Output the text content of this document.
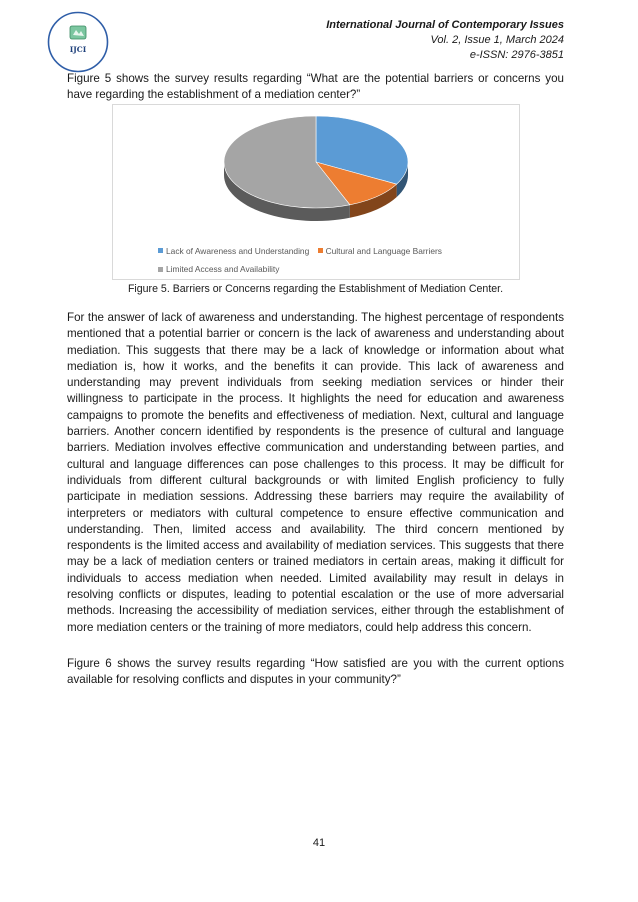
IJCI
International Journal of Contemporary Issues
Vol. 2, Issue 1, March 2024
e-ISSN: 2976-3851

Figure 5 shows the survey results regarding “What are the potential barriers or concerns you have regarding the establishment of a mediation center?”

Lack of Awareness and Understanding
Cultural and Language Barriers

Limited Access and Availability
Figure 5. Barriers or Concerns regarding the Establishment of Mediation Center.

For the answer of lack of awareness and understanding. The highest percentage of respondents mentioned that a potential barrier or concern is the lack of awareness and understanding about mediation. This suggests that there may be a lack of knowledge or information about what mediation is, how it works, and the benefits it can provide. This lack of awareness and understanding may prevent individuals from seeking mediation services or hinder their willingness to participate in the process. It highlights the need for education and awareness campaigns to promote the benefits and effectiveness of mediation. Next, cultural and language barriers. Another concern identified by respondents is the presence of cultural and language barriers. Mediation involves effective communication and understanding between parties, and cultural and language differences can pose challenges to this process. It may be difficult for individuals from different cultural backgrounds or with limited English proficiency to fully participate in mediation sessions. Addressing these barriers may require the availability of interpreters or mediators with cultural competence to ensure effective communication and understanding. Then, limited access and availability. The third concern mentioned by respondents is the limited access and availability of mediation services. This suggests that there may be a lack of mediation centers or trained mediators in certain areas, making it difficult for individuals to access mediation when needed. Limited availability may result in delays in resolving conflicts or disputes, leading to potential escalation or the use of more adversarial methods. Increasing the accessibility of mediation services, either through the establishment of more mediation centers or the training of more mediators, could help address this concern.

Figure 6 shows the survey results regarding “How satisfied are you with the current options available for resolving conflicts and disputes in your community?”

41
